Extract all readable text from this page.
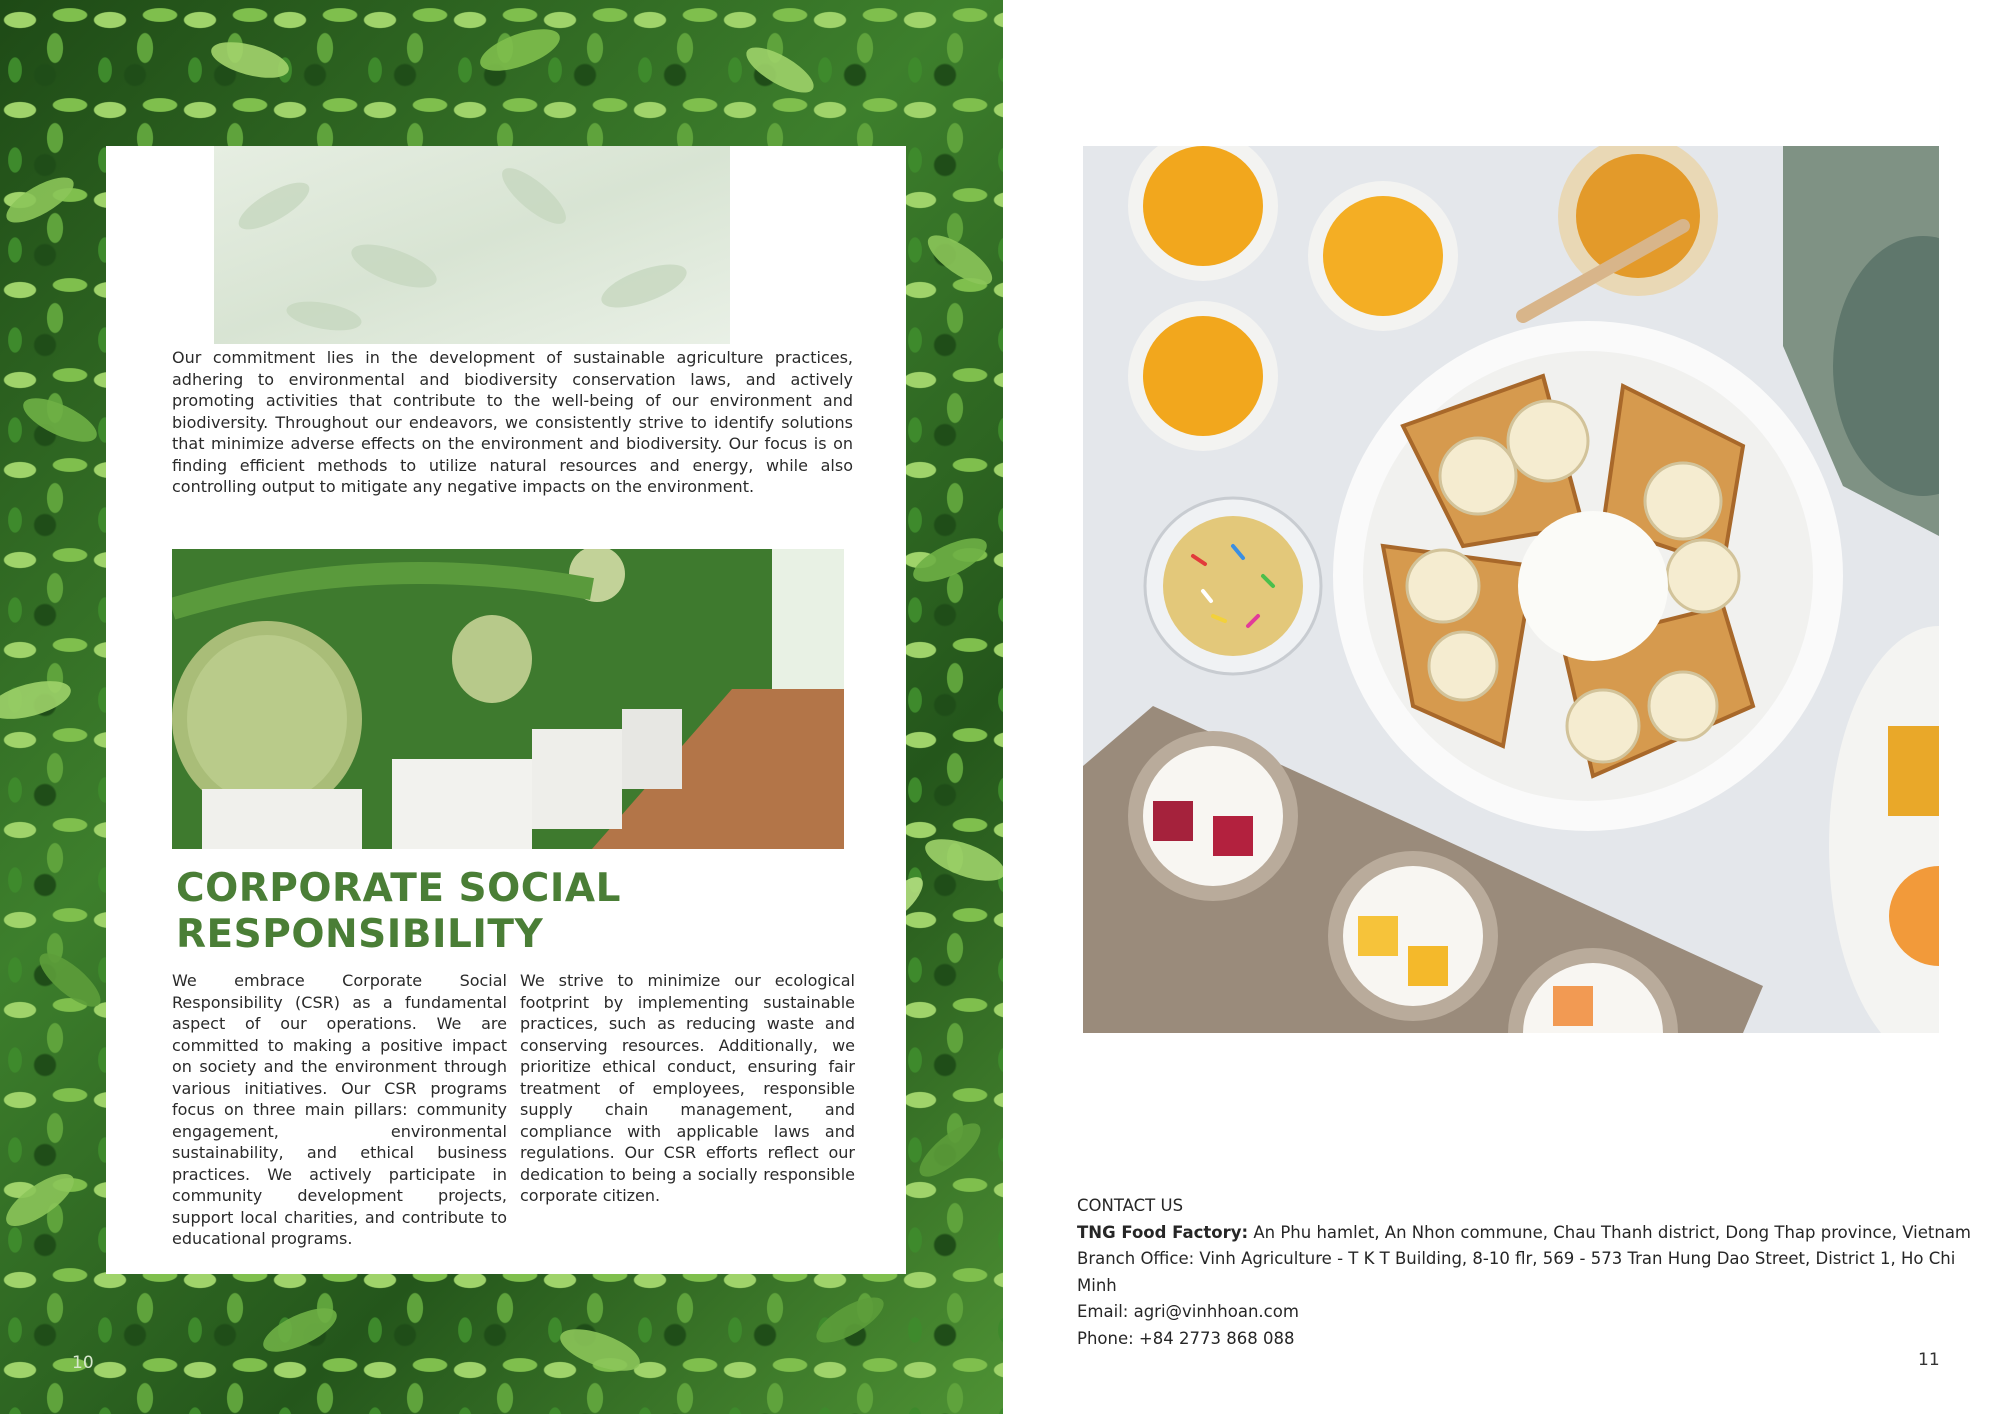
Our commitment lies in the development of sustainable agriculture practices, adhering to environmental and biodiversity conservation laws, and actively promoting activities that contribute to the well-being of our environment and biodiversity. Throughout our endeavors, we consistently strive to identify solutions that minimize adverse effects on the environment and biodiversity. Our focus is on finding efficient methods to utilize natural resources and energy, while also controlling output to mitigate any negative impacts on the environment.

CORPORATE SOCIAL
RESPONSIBILITY

We embrace Corporate Social Responsibility (CSR) as a fundamental aspect of our operations. We are committed to making a positive impact on society and the environment through various initiatives. Our CSR programs focus on three main pillars: community engagement, environmental sustainability, and ethical business practices. We actively participate in community development projects, support local charities, and contribute to educational programs.

We strive to minimize our ecological footprint by implementing sustainable practices, such as reducing waste and conserving resources. Additionally, we prioritize ethical conduct, ensuring fair treatment of employees, responsible supply chain management, and compliance with applicable laws and regulations. Our CSR efforts reflect our dedication to being a socially responsible corporate citizen.

10
CONTACT US
TNG Food Factory: An Phu hamlet, An Nhon commune, Chau Thanh district, Dong Thap province, Vietnam
Branch Office: Vinh Agriculture - T K T Building, 8-10 flr, 569 - 573 Tran Hung Dao Street, District 1, Ho Chi Minh
Email: agri@vinhhoan.com
Phone: +84 2773 868 088
11
